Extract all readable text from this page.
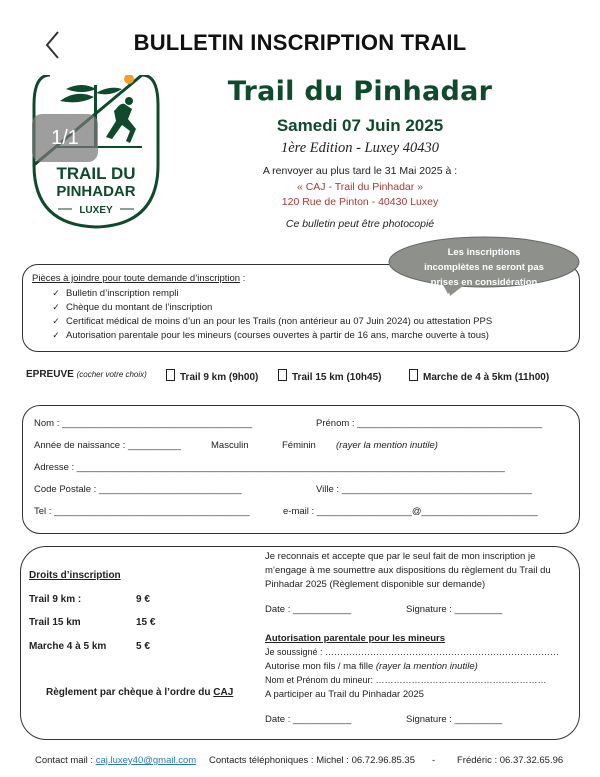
BULLETIN INSCRIPTION TRAIL
TRAIL DU
PINHADAR
LUXEY
1/1
Trail du Pinhadar
Samedi 07 Juin 2025
1ère Edition - Luxey 40430
A renvoyer au plus tard le 31 Mai 2025 à :
« CAJ - Trail du Pinhadar »
120 Rue de Pinton - 40430 Luxey
Ce bulletin peut être photocopié
Pièces à joindre pour toute demande d’inscription :
✓ Bulletin d’inscription rempli
✓ Chèque du montant de l’inscription
✓ Certificat médical de moins d’un an pour les Trails (non antérieur au 07 Juin 2024) ou attestation PPS
✓ Autorisation parentale pour les mineurs (courses ouvertes à partir de 16 ans, marche ouverte à tous)
Les inscriptions
incomplètes ne seront pas
prises en considération
EPREUVE (cocher votre choix)	Trail 9 km (9h00)	Trail 15 km (10h45)	Marche de 4 à 5km (11h00)
Nom : ____________________________________	Prénom : ___________________________________
Année de naissance : __________	Masculin	Féminin (rayer la mention inutile)
Adresse : _________________________________________________________________________________
Code Postale : ___________________________	Ville : ____________________________________
Tel : _____________________________________	e-mail : __________________@______________________
Droits d’inscription
Trail 9 km :	9 €
Trail 15 km	15 €
Marche 4 à 5 km	5 €
Règlement par chèque à l’ordre du CAJ
Je reconnais et accepte que par le seul fait de mon inscription je m’engage à me soumettre aux dispositions du règlement du Trail du Pinhadar 2025 (Règlement disponible sur demande)
Date : ___________	Signature : _________
Autorisation parentale pour les mineurs
Je soussigné : ……………………………………………………………………
Autorise mon fils / ma fille (rayer la mention inutile)
Nom et Prénom du mineur: …………………………………………………
A participer au Trail du Pinhadar 2025
Date : ___________	Signature : _________
Contact mail : caj.luxey40@gmail.com Contacts téléphoniques : Michel : 06.72.96.85.35 - Frédéric : 06.37.32.65.96
